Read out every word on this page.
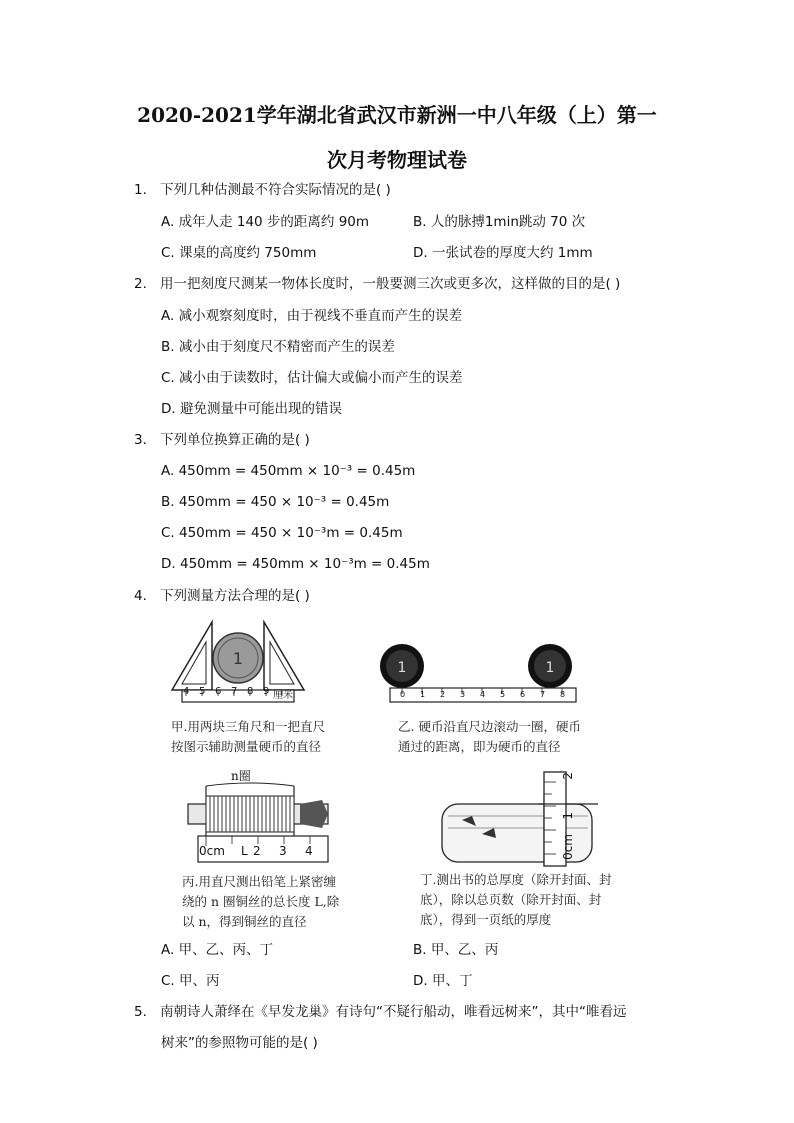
2020-2021学年湖北省武汉市新洲一中八年级（上）第一
次月考物理试卷
1. 下列几种估测最不符合实际情况的是( )
A. 成年人走 140 步的距离约 90m	B. 人的脉搏1min跳动 70 次
C. 课桌的高度约 750mm	D. 一张试卷的厚度大约 1mm
2. 用一把刻度尺测某一物体长度时，一般要测三次或更多次，这样做的目的是( )
A. 减小观察刻度时，由于视线不垂直而产生的误差
B. 减小由于刻度尺不精密而产生的误差
C. 减小由于读数时，估计偏大或偏小而产生的误差
D. 避免测量中可能出现的错误
3. 下列单位换算正确的是( )
A. 450mm = 450mm × 10⁻³ = 0.45m
B. 450mm = 450 × 10⁻³ = 0.45m
C. 450mm = 450 × 10⁻³m = 0.45m
D. 450mm = 450mm × 10⁻³m = 0.45m
4. 下列测量方法合理的是( )
1
4 5 6 7 8 9 厘米
甲.用两块三角尺和一把直尺
按图示辅助测量硬币的直径
1	1
0 1 2 3 4 5 6 7 8
乙. 硬币沿直尺边滚动一圈，硬币
通过的距离，即为硬币的直径
n圈
0cm L 2 3 4
丙.用直尺测出铅笔上紧密缠
绕的 n 圈铜丝的总长度 L,除
以 n，得到铜丝的直径
2
1
0cm
丁.测出书的总厚度（除开封面、封
底），除以总页数（除开封面、封
底），得到一页纸的厚度
A. 甲、乙、丙、丁	B. 甲、乙、丙
C. 甲、丙	D. 甲、丁
5. 南朝诗人萧绎在《早发龙巢》有诗句“不疑行船动，唯看远树来”，其中“唯看远
树来”的参照物可能的是( )
